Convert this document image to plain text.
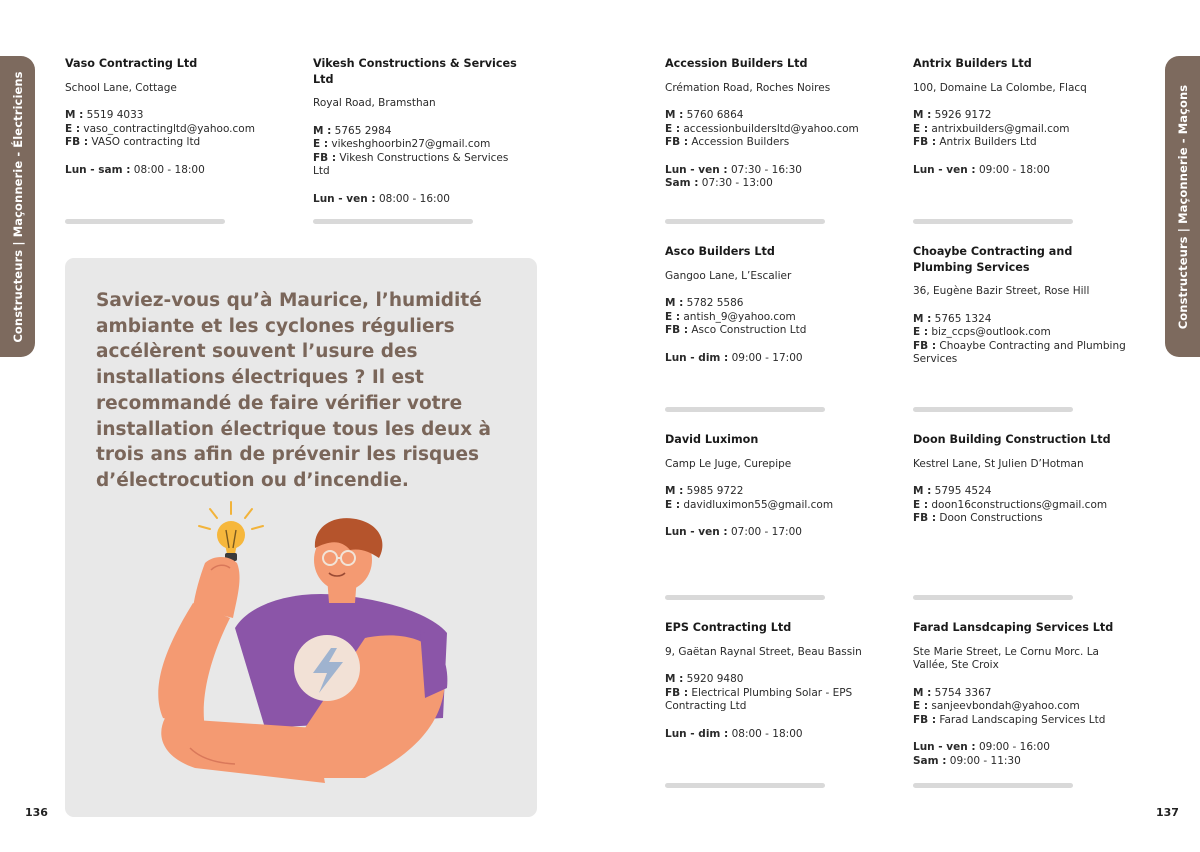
Constructeurs | Maçonnerie - Électriciens	Constructeurs | Maçonnerie - Maçons
136	137
Vaso Contracting Ltd
School Lane, Cottage
M : 5519 4033
E : vaso_contractingltd@yahoo.com
FB : VASO contracting ltd
Lun - sam : 08:00 - 18:00
Vikesh Constructions & Services Ltd
Royal Road, Bramsthan
M : 5765 2984
E : vikeshghoorbin27@gmail.com
FB : Vikesh Constructions & Services Ltd
Lun - ven : 08:00 - 16:00
Saviez-vous qu’à Maurice, l’humidité ambiante et les cyclones réguliers accélèrent souvent l’usure des installations électriques ? Il est recommandé de faire vérifier votre installation électrique tous les deux à trois ans afin de prévenir les risques d’électrocution ou d’incendie.
Accession Builders Ltd
Crémation Road, Roches Noires
M : 5760 6864
E : accessionbuildersltd@yahoo.com
FB : Accession Builders
Lun - ven : 07:30 - 16:30
Sam : 07:30 - 13:00
Antrix Builders Ltd
100, Domaine La Colombe, Flacq
M : 5926 9172
E : antrixbuilders@gmail.com
FB : Antrix Builders Ltd
Lun - ven : 09:00 - 18:00
Asco Builders Ltd
Gangoo Lane, L’Escalier
M : 5782 5586
E : antish_9@yahoo.com
FB : Asco Construction Ltd
Lun - dim : 09:00 - 17:00
Choaybe Contracting and Plumbing Services
36, Eugène Bazir Street, Rose Hill
M : 5765 1324
E : biz_ccps@outlook.com
FB : Choaybe Contracting and Plumbing Services
David Luximon
Camp Le Juge, Curepipe
M : 5985 9722
E : davidluximon55@gmail.com
Lun - ven : 07:00 - 17:00
Doon Building Construction Ltd
Kestrel Lane, St Julien D’Hotman
M : 5795 4524
E : doon16constructions@gmail.com
FB : Doon Constructions
EPS Contracting Ltd
9, Gaëtan Raynal Street, Beau Bassin
M : 5920 9480
FB : Electrical Plumbing Solar - EPS Contracting Ltd
Lun - dim : 08:00 - 18:00
Farad Lansdcaping Services Ltd
Ste Marie Street, Le Cornu Morc. La Vallée, Ste Croix
M : 5754 3367
E : sanjeevbondah@yahoo.com
FB : Farad Landscaping Services Ltd
Lun - ven : 09:00 - 16:00
Sam : 09:00 - 11:30
